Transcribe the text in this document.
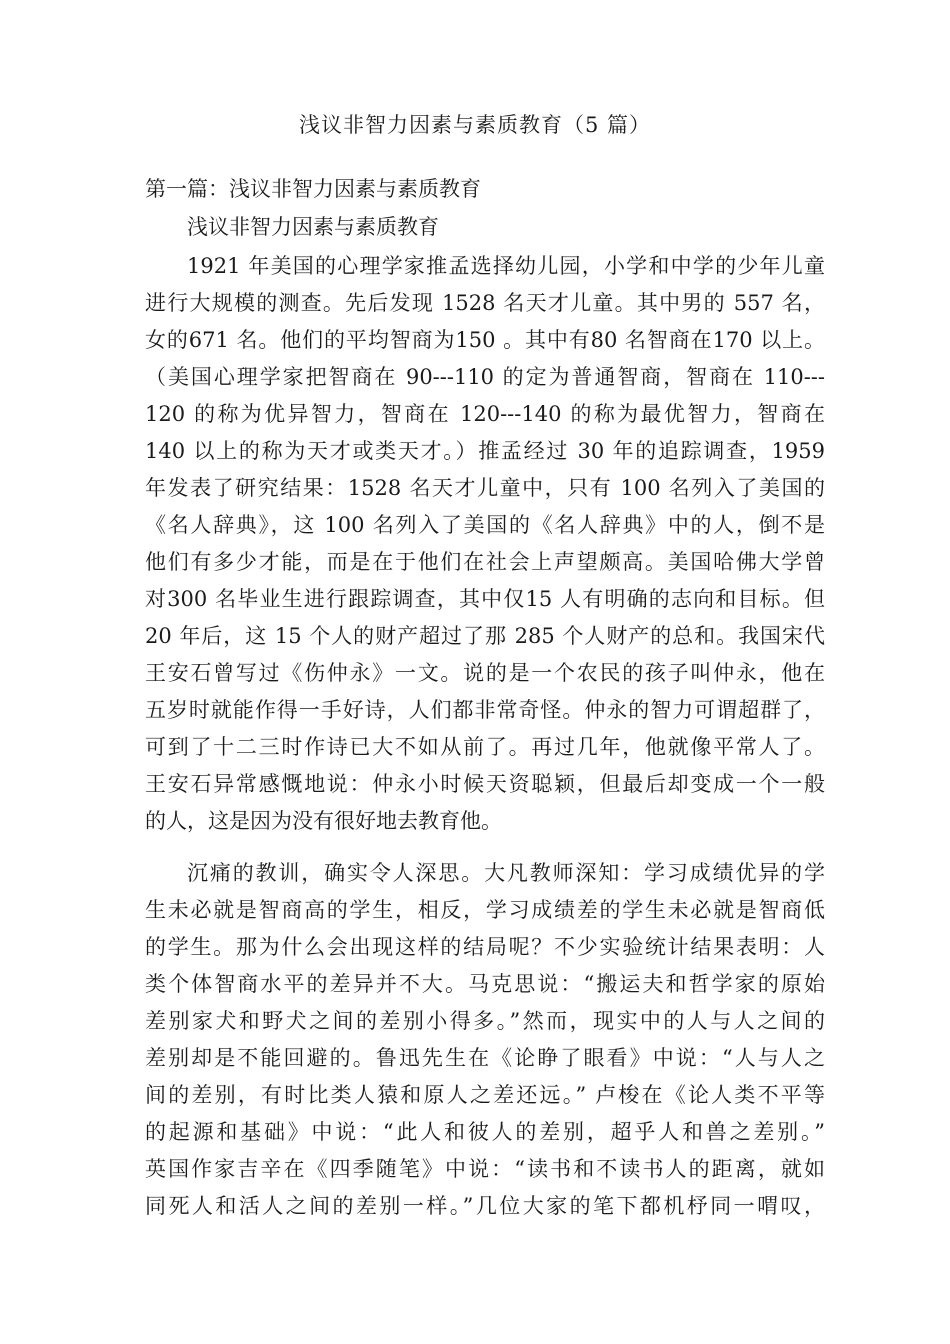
浅议非智力因素与素质教育（5 篇）
第一篇：浅议非智力因素与素质教育
浅议非智力因素与素质教育

1921 年美国的心理学家推孟选择幼儿园，小学和中学的少年儿童
进行大规模的测查。先后发现 1528 名天才儿童。其中男的 557 名，
女的671 名。他们的平均智商为150 。其中有80 名智商在170 以上。
（美国心理学家把智商在 90---110 的定为普通智商，智商在 110---
120 的称为优异智力，智商在 120---140 的称为最优智力，智商在
140 以上的称为天才或类天才。）推孟经过 30 年的追踪调查，1959
年发表了研究结果：1528 名天才儿童中，只有 100 名列入了美国的
《名人辞典》，这 100 名列入了美国的《名人辞典》中的人，倒不是
他们有多少才能，而是在于他们在社会上声望颇高。美国哈佛大学曾
对300 名毕业生进行跟踪调查，其中仅15 人有明确的志向和目标。但
20 年后，这 15 个人的财产超过了那 285 个人财产的总和。我国宋代
王安石曾写过《伤仲永》一文。说的是一个农民的孩子叫仲永，他在
五岁时就能作得一手好诗，人们都非常奇怪。仲永的智力可谓超群了，
可到了十二三时作诗已大不如从前了。再过几年，他就像平常人了。
王安石异常感慨地说：仲永小时候天资聪颖，但最后却变成一个一般
的人，这是因为没有很好地去教育他。

沉痛的教训，确实令人深思。大凡教师深知：学习成绩优异的学
生未必就是智商高的学生，相反，学习成绩差的学生未必就是智商低
的学生。那为什么会出现这样的结局呢？不少实验统计结果表明：人
类个体智商水平的差异并不大。马克思说：“搬运夫和哲学家的原始
差别家犬和野犬之间的差别小得多。”然而，现实中的人与人之间的
差别却是不能回避的。鲁迅先生在《论睁了眼看》中说：“人与人之
间的差别，有时比类人猿和原人之差还远。” 卢梭在《论人类不平等
的起源和基础》中说：“此人和彼人的差别，超乎人和兽之差别。”
英国作家吉辛在《四季随笔》中说：“读书和不读书人的距离，就如
同死人和活人之间的差别一样。”几位大家的笔下都机杼同一喟叹，
